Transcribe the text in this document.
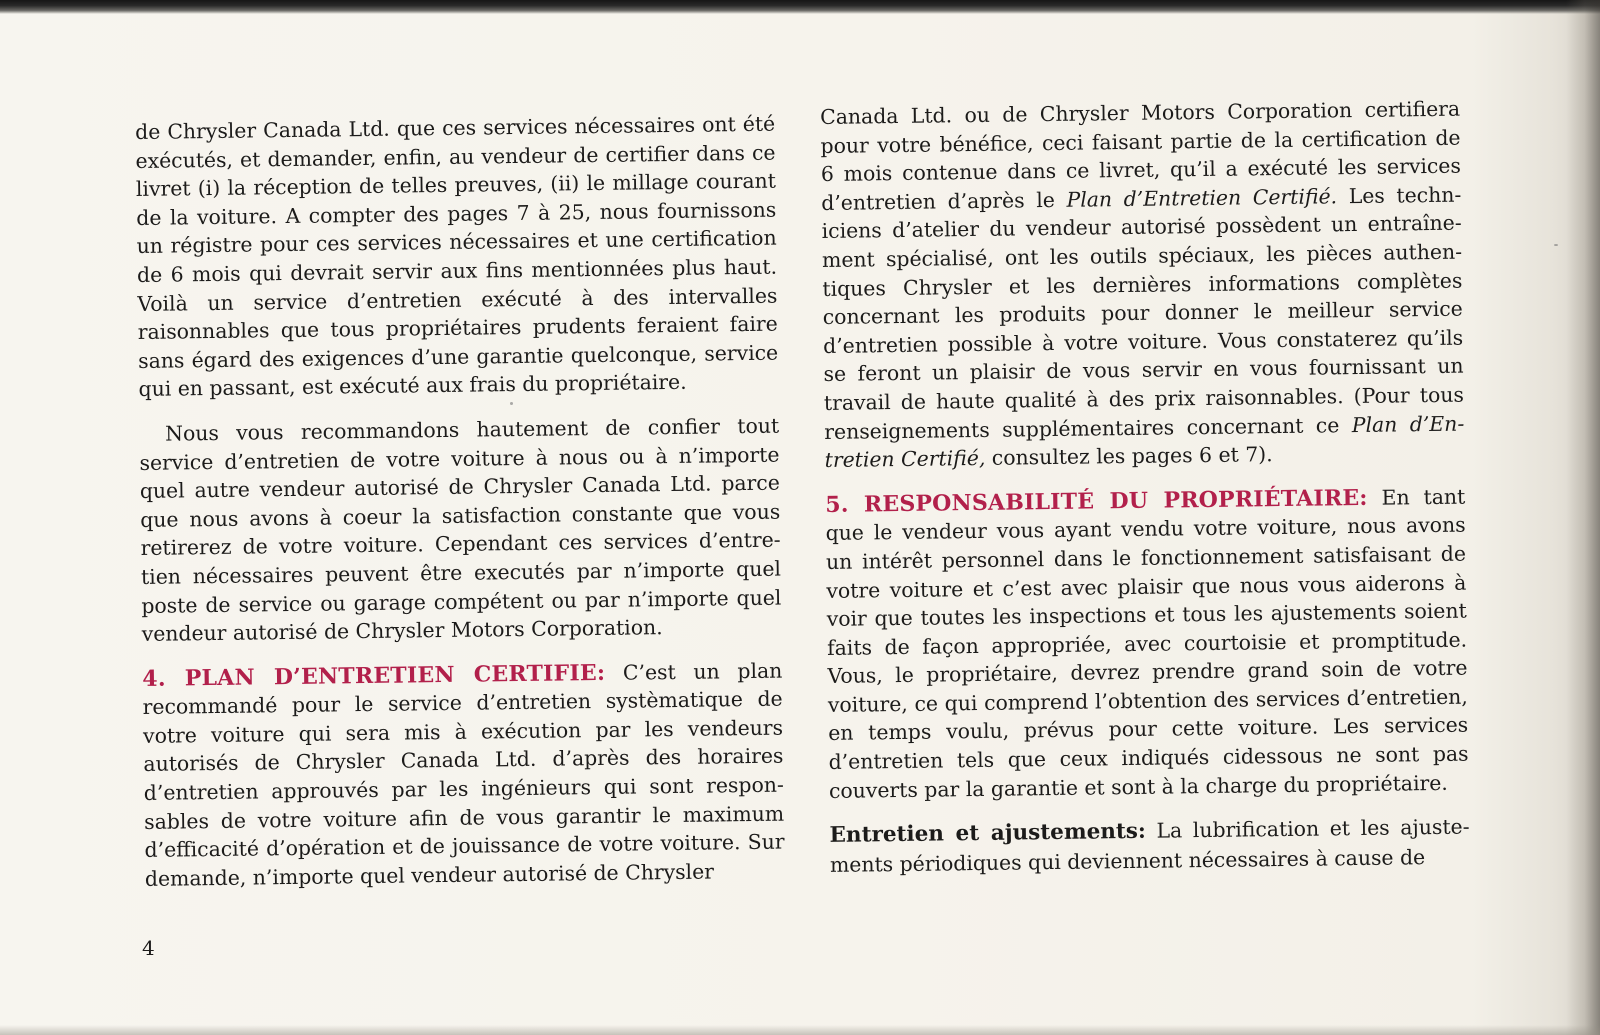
de Chrysler Canada Ltd. que ces services nécessaires ont été exécutés, et demander, enfin, au vendeur de certifier dans ce livret (i) la réception de telles preuves, (ii) le millage courant de la voiture. A compter des pages 7 à 25, nous fournissons un régistre pour ces services nécessaires et une certification de 6 mois qui devrait servir aux fins mentionnées plus haut. Voilà un service d’entretien exécuté à des intervalles raisonnables que tous propriétaires prudents feraient faire sans égard des exigences d’une garantie quelconque, service qui en passant, est exécuté aux frais du propriétaire.

Nous vous recommandons hautement de confier tout service d’entretien de votre voiture à nous ou à n’importe quel autre vendeur autorisé de Chrysler Canada Ltd. parce que nous avons à coeur la satisfaction constante que vous retirerez de votre voiture. Cependant ces services d’entretien nécessaires peuvent être executés par n’importe quel poste de service ou garage compétent ou par n’importe quel vendeur autorisé de Chrysler Motors Corporation.

4. PLAN D’ENTRETIEN CERTIFIE: C’est un plan recommandé pour le service d’entretien systèmatique de votre voiture qui sera mis à exécution par les vendeurs autorisés de Chrysler Canada Ltd. d’après des horaires d’entretien approuvés par les ingénieurs qui sont responsables de votre voiture afin de vous garantir le maximum d’efficacité d’opération et de jouissance de votre voiture. Sur demande, n’importe quel vendeur autorisé de Chrysler

Canada Ltd. ou de Chrysler Motors Corporation certifiera pour votre bénéfice, ceci faisant partie de la certification de 6 mois contenue dans ce livret, qu’il a exécuté les services d’entretien d’après le Plan d’Entretien Certifié. Les techniciens d’atelier du vendeur autorisé possèdent un entraînement spécialisé, ont les outils spéciaux, les pièces authentiques Chrysler et les dernières informations complètes concernant les produits pour donner le meilleur service d’entretien possible à votre voiture. Vous constaterez qu’ils se feront un plaisir de vous servir en vous fournissant un travail de haute qualité à des prix raisonnables. (Pour tous renseignements supplémentaires concernant ce Plan d’Entretien Certifié, consultez les pages 6 et 7).

5. RESPONSABILITÉ DU PROPRIÉTAIRE: En tant que le vendeur vous ayant vendu votre voiture, nous avons un intérêt personnel dans le fonctionnement satisfaisant de votre voiture et c’est avec plaisir que nous vous aiderons à voir que toutes les inspections et tous les ajustements soient faits de façon appropriée, avec courtoisie et promptitude. Vous, le propriétaire, devrez prendre grand soin de votre voiture, ce qui comprend l’obtention des services d’entretien, en temps voulu, prévus pour cette voiture. Les services d’entretien tels que ceux indiqués cidessous ne sont pas couverts par la garantie et sont à la charge du propriétaire.

Entretien et ajustements: La lubrification et les ajustements périodiques qui deviennent nécessaires à cause de

4
